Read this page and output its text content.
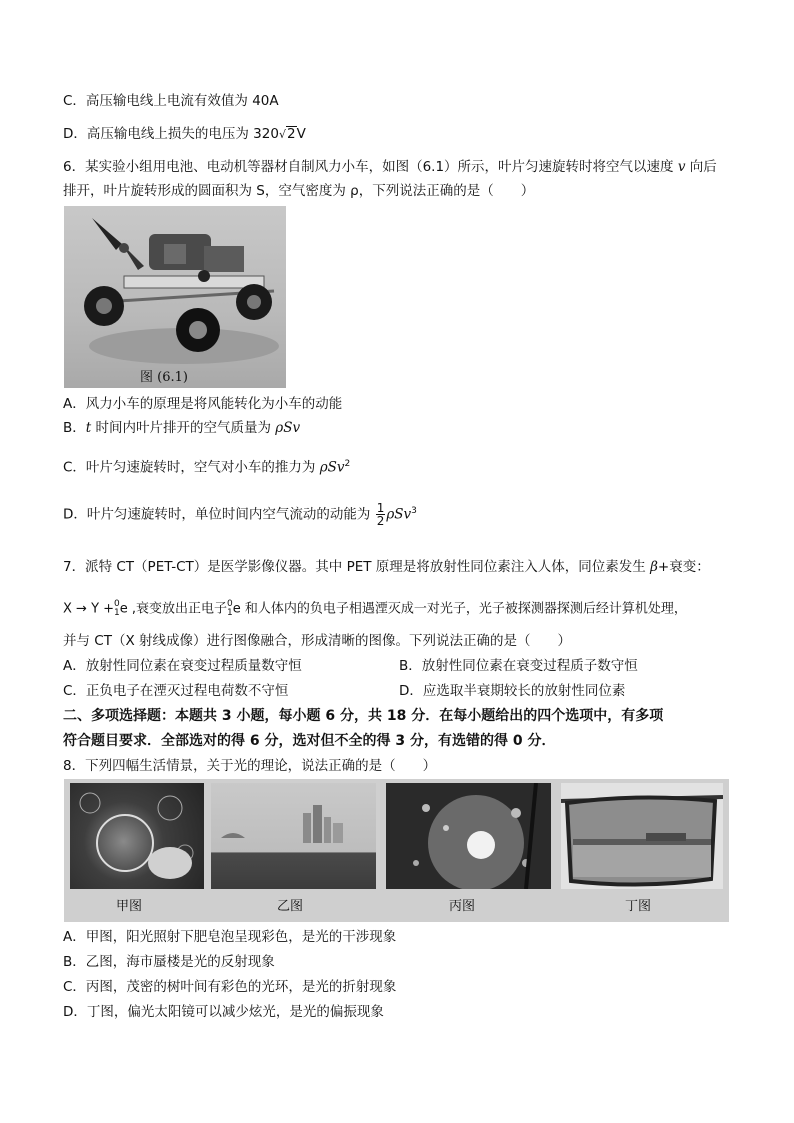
C．高压输电线上电流有效值为 40A
D．高压输电线上损失的电压为 320√2V
6．某实验小组用电池、电动机等器材自制风力小车，如图（6.1）所示，叶片匀速旋转时将空气以速度 v 向后
排开，叶片旋转形成的圆面积为 S，空气密度为 ρ，下列说法正确的是（　　）
图 (6.1)
A．风力小车的原理是将风能转化为小车的动能
B．t 时间内叶片排开的空气质量为 ρSv
C．叶片匀速旋转时，空气对小车的推力为 ρSv$^2$
D．叶片匀速旋转时，单位时间内空气流动的动能为 $\frac{1}{2} \rho Sv^3$
7．派特 CT（PET-CT）是医学影像仪器。其中 PET 原理是将放射性同位素注入人体，同位素发生 β+衰变：
X → Y + 0
1 e ,衰变放出正电子 0
1 e 和人体内的负电子相遇湮灭成一对光子，光子被探测器探测后经计算机处理，
并与 CT（X 射线成像）进行图像融合，形成清晰的图像。下列说法正确的是（　　）
A．放射性同位素在衰变过程质量数守恒	B．放射性同位素在衰变过程质子数守恒
C．正负电子在湮灭过程电荷数不守恒	D．应选取半衰期较长的放射性同位素
二、多项选择题：本题共 3 小题，每小题 6 分，共 18 分．在每小题给出的四个选项中，有多项
符合题目要求．全部选对的得 6 分，选对但不全的得 3 分，有选错的得 0 分．
8．下列四幅生活情景，关于光的理论，说法正确的是（　　）
甲图	乙图	丙图	丁图
A．甲图，阳光照射下肥皂泡呈现彩色，是光的干涉现象
B．乙图，海市蜃楼是光的反射现象
C．丙图，茂密的树叶间有彩色的光环，是光的折射现象
D．丁图，偏光太阳镜可以减少炫光，是光的偏振现象
